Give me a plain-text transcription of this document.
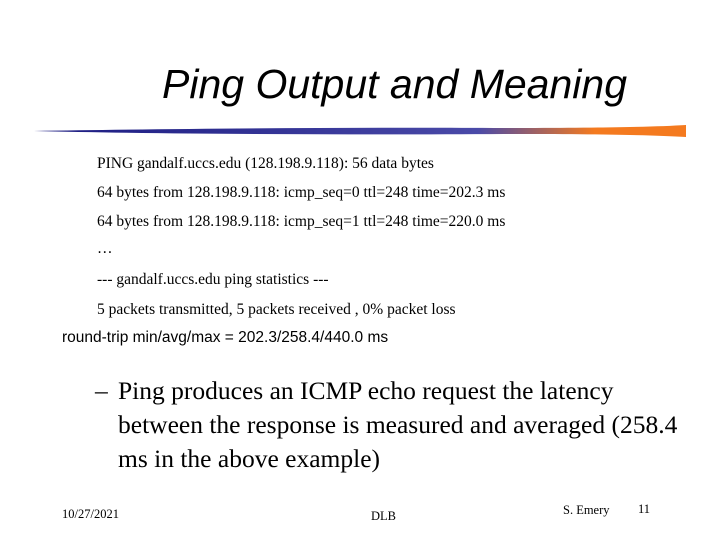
Ping Output and Meaning
PING gandalf.uccs.edu (128.198.9.118): 56 data bytes
64 bytes from 128.198.9.118: icmp_seq=0 ttl=248 time=202.3 ms
64 bytes from 128.198.9.118: icmp_seq=1 ttl=248 time=220.0 ms
…
--- gandalf.uccs.edu ping statistics ---
5 packets transmitted, 5 packets received , 0% packet loss
round-trip min/avg/max = 202.3/258.4/440.0 ms
– Ping produces an ICMP echo request the latency between the response is measured and averaged (258.4 ms in the above example)
10/27/2021	DLB	S. Emery 11
